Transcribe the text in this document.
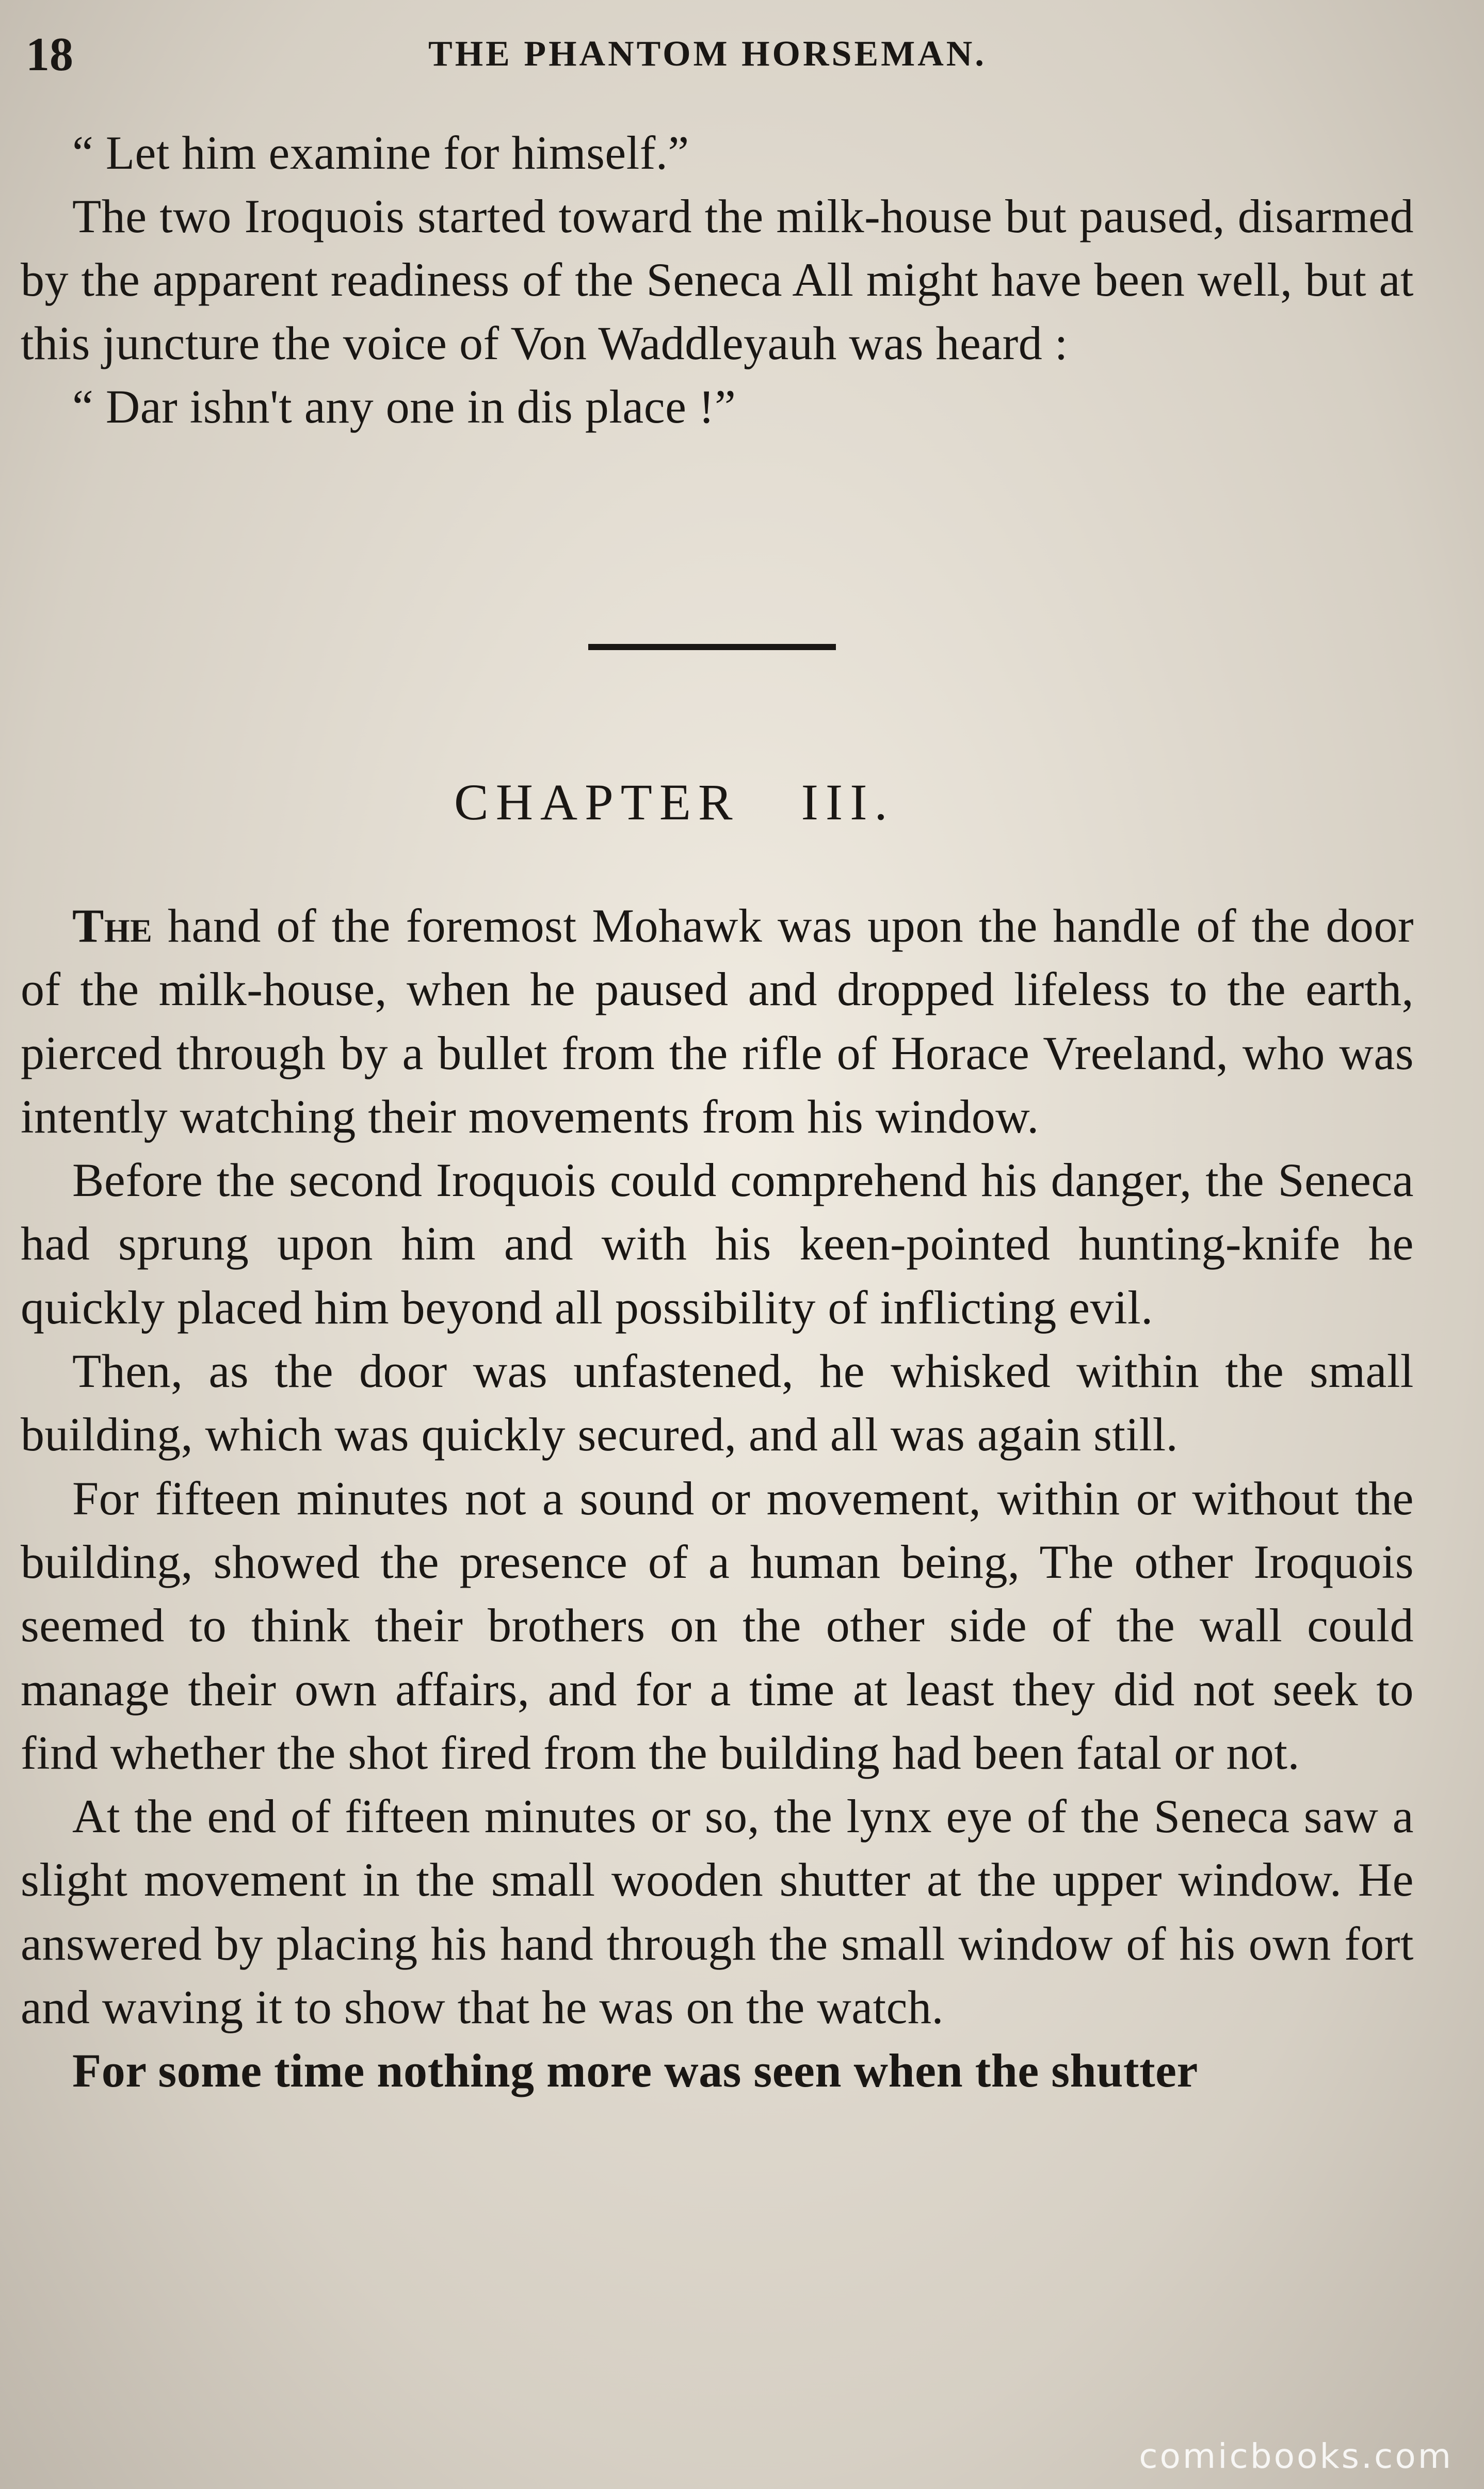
18	THE PHANTOM HORSEMAN.

“ Let him examine for himself.”

The two Iroquois started toward the milk-house but paused, disarmed by the apparent readiness of the Seneca All might have been well, but at this juncture the voice of Von Waddleyauh was heard :

“ Dar ishn't any one in dis place !”

CHAPTER III.

The hand of the foremost Mohawk was upon the handle of the door of the milk-house, when he paused and dropped lifeless to the earth, pierced through by a bullet from the rifle of Horace Vreeland, who was intently watching their movements from his window.

Before the second Iroquois could comprehend his danger, the Seneca had sprung upon him and with his keen-pointed hunting-knife he quickly placed him beyond all possibility of inflicting evil.

Then, as the door was unfastened, he whisked within the small building, which was quickly secured, and all was again still.

For fifteen minutes not a sound or movement, within or without the building, showed the presence of a human being, The other Iroquois seemed to think their brothers on the other side of the wall could manage their own affairs, and for a time at least they did not seek to find whether the shot fired from the building had been fatal or not.

At the end of fifteen minutes or so, the lynx eye of the Seneca saw a slight movement in the small wooden shutter at the upper window. He answered by placing his hand through the small window of his own fort and waving it to show that he was on the watch.

For some time nothing more was seen when the shutter

comicbooks.com
